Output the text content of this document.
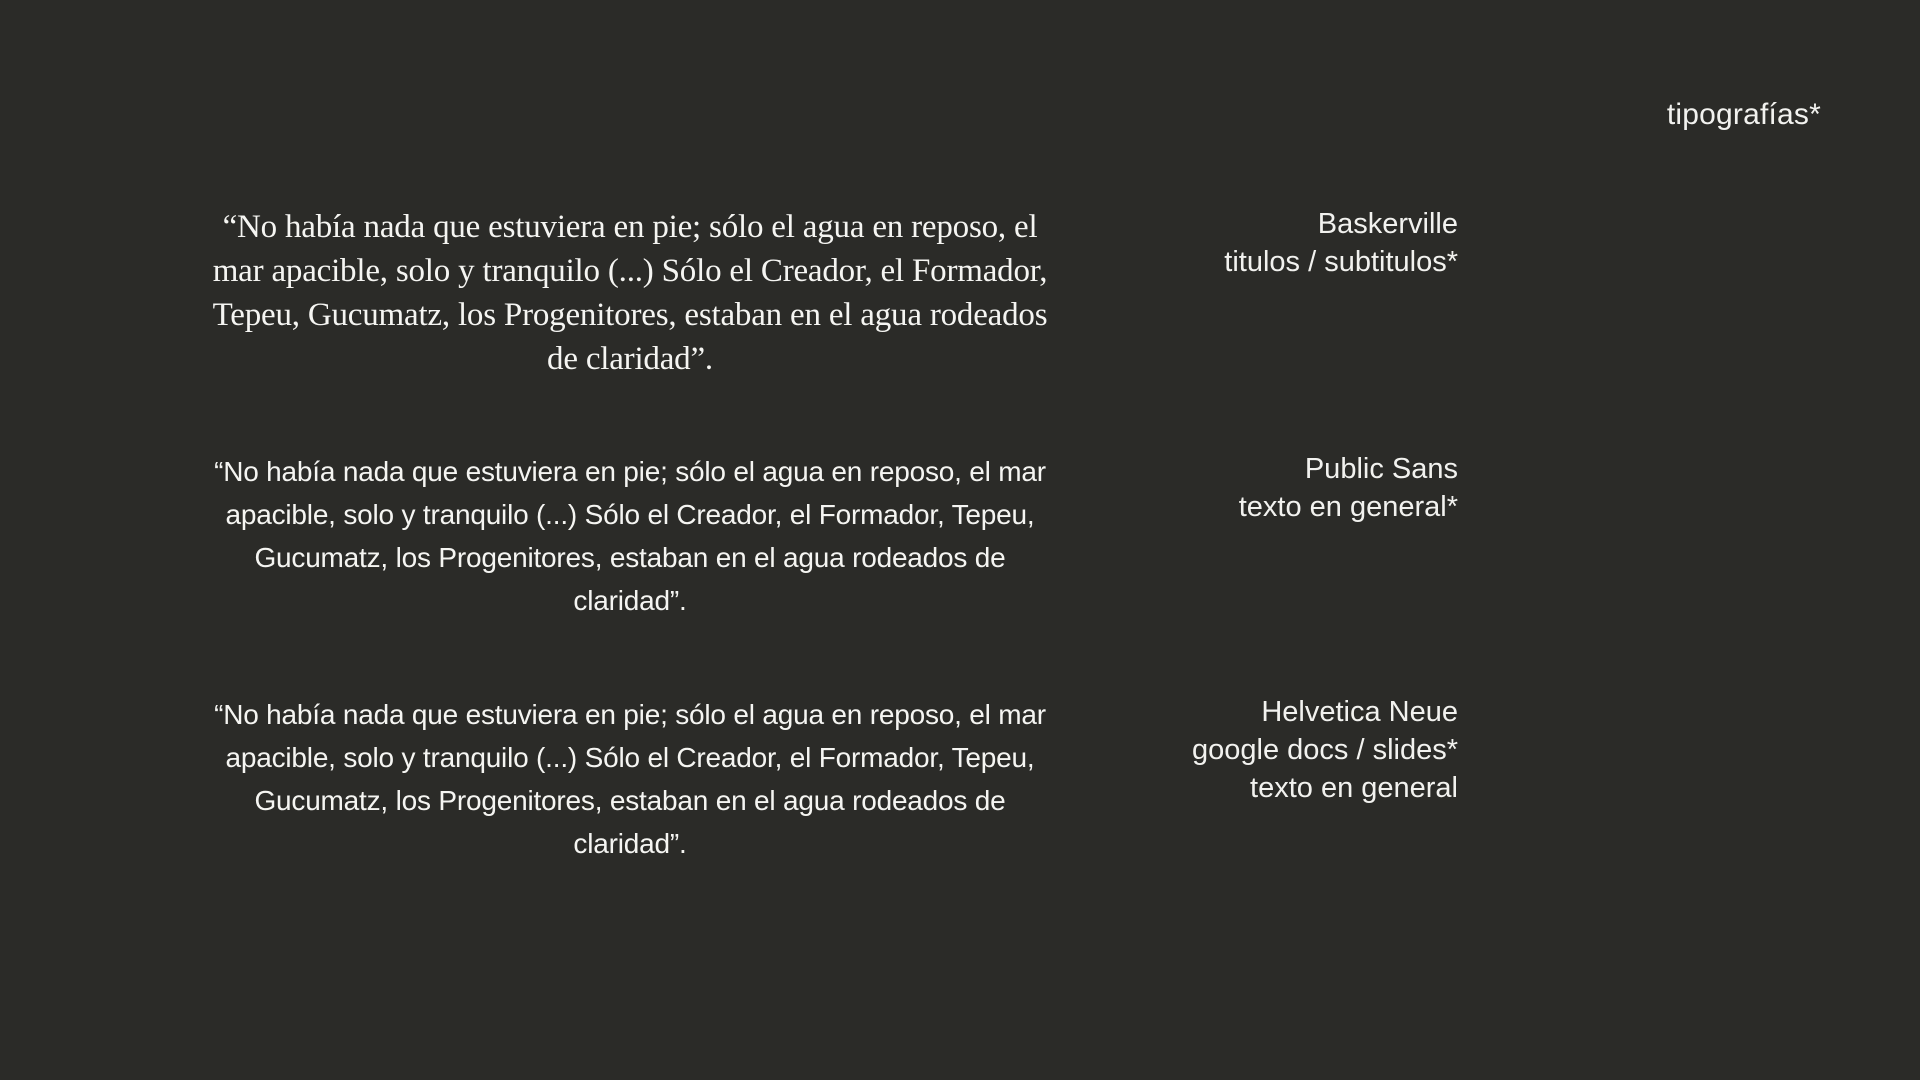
tipografías*
“No había nada que estuviera en pie; sólo el agua en reposo, el mar apacible, solo y tranquilo (...) Sólo el Creador, el Formador, Tepeu, Gucumatz, los Progenitores, estaban en el agua rodeados de claridad”.
Baskerville
titulos / subtitulos*
“No había nada que estuviera en pie; sólo el agua en reposo, el mar apacible, solo y tranquilo (...) Sólo el Creador, el Formador, Tepeu, Gucumatz, los Progenitores, estaban en el agua rodeados de claridad”.
Public Sans
texto en general*
“No había nada que estuviera en pie; sólo el agua en reposo, el mar apacible, solo y tranquilo (...) Sólo el Creador, el Formador, Tepeu, Gucumatz, los Progenitores, estaban en el agua rodeados de claridad”.
Helvetica Neue
google docs / slides*
texto en general
